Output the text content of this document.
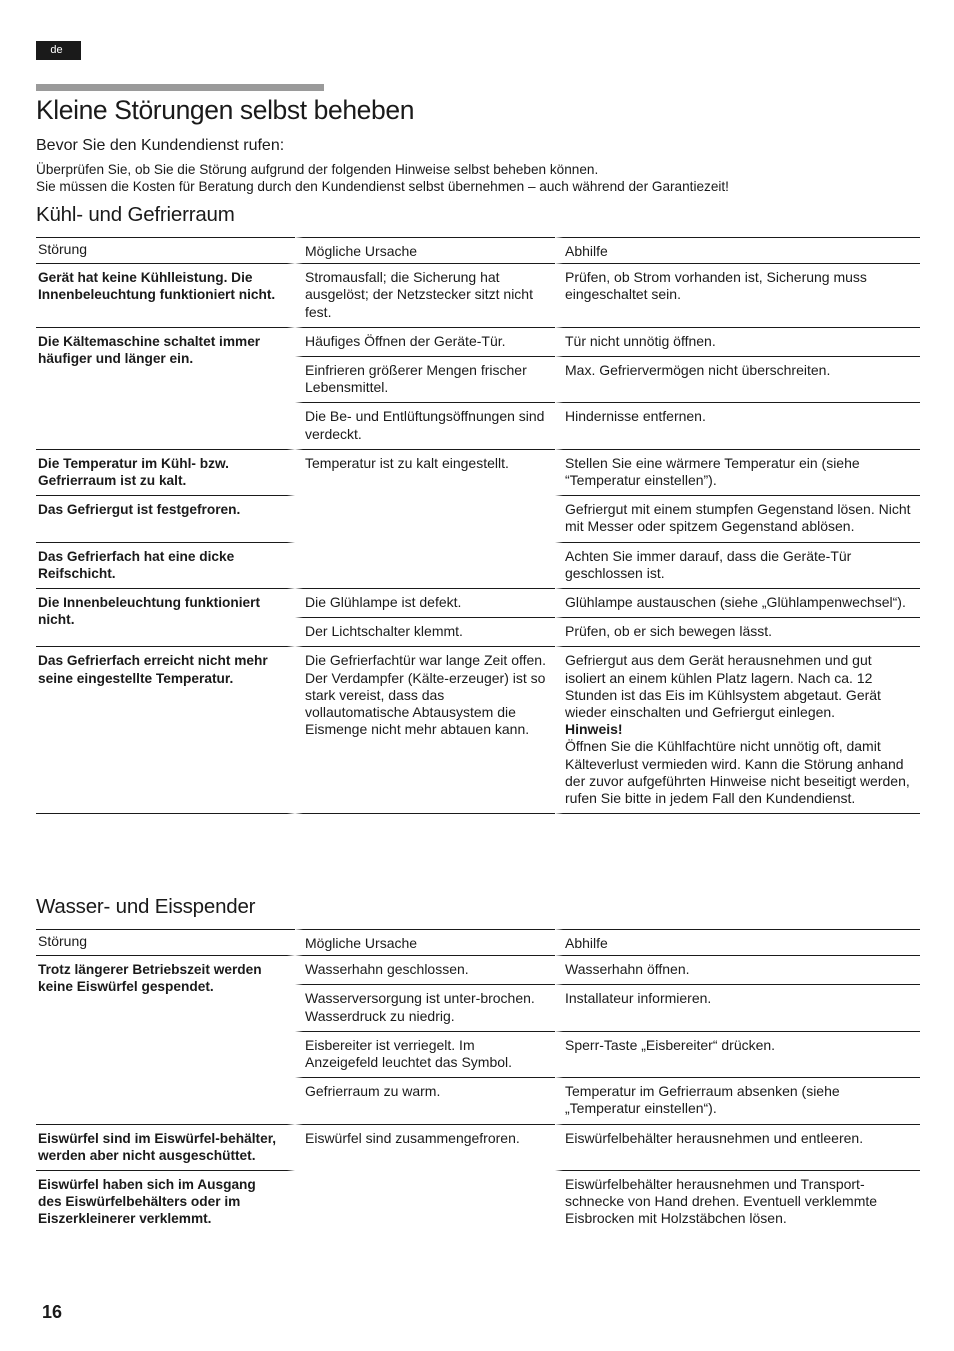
de
Kleine Störungen selbst beheben
Bevor Sie den Kundendienst rufen:

Überprüfen Sie, ob Sie die Störung aufgrund der folgenden Hinweise selbst beheben können.

Sie müssen die Kosten für Beratung durch den Kundendienst selbst übernehmen – auch während der Garantiezeit!

Kühl- und Gefrierraum
Störung	Mögliche Ursache	Abhilfe
Gerät hat keine Kühlleistung. Die Innenbeleuchtung funktioniert nicht.	Stromausfall; die Sicherung hat ausgelöst; der Netzstecker sitzt nicht fest.	Prüfen, ob Strom vorhanden ist, Sicherung muss eingeschaltet sein.
Die Kältemaschine schaltet immer häufiger und länger ein.	Häufiges Öffnen der Geräte-Tür.	Tür nicht unnötig öffnen.
	Einfrieren größerer Mengen frischer Lebensmittel.	Max. Gefriervermögen nicht überschreiten.
	Die Be- und Entlüftungsöffnungen sind verdeckt.	Hindernisse entfernen.
Die Temperatur im Kühl- bzw. Gefrierraum ist zu kalt.	Temperatur ist zu kalt eingestellt.	Stellen Sie eine wärmere Temperatur ein (siehe “Temperatur einstellen”).
Das Gefriergut ist festgefroren.		Gefriergut mit einem stumpfen Gegenstand lösen. Nicht mit Messer oder spitzem Gegenstand ablösen.
Das Gefrierfach hat eine dicke Reifschicht.		Achten Sie immer darauf, dass die Geräte-Tür geschlossen ist.
Die Innenbeleuchtung funktioniert nicht.	Die Glühlampe ist defekt.	Glühlampe austauschen (siehe „Glühlampenwechsel“).
	Der Lichtschalter klemmt.	Prüfen, ob er sich bewegen lässt.
Das Gefrierfach erreicht nicht mehr seine eingestellte Temperatur.	Die Gefrierfachtür war lange Zeit offen. Der Verdampfer (Kälte-erzeuger) ist so stark vereist, dass das vollautomatische Abtausystem die Eismenge nicht mehr abtauen kann.	Gefriergut aus dem Gerät herausnehmen und gut isoliert an einem kühlen Platz lagern. Nach ca. 12 Stunden ist das Eis im Kühlsystem abgetaut. Gerät wieder einschalten und Gefriergut einlegen.
Hinweis!
Öffnen Sie die Kühlfachtüre nicht unnötig oft, damit Kälteverlust vermieden wird. Kann die Störung anhand der zuvor aufgeführten Hinweise nicht beseitigt werden, rufen Sie bitte in jedem Fall den Kundendienst.
Wasser- und Eisspender
Störung	Mögliche Ursache	Abhilfe
Trotz längerer Betriebszeit werden keine Eiswürfel gespendet.	Wasserhahn geschlossen.	Wasserhahn öffnen.
	Wasserversorgung ist unter-brochen. Wasserdruck zu niedrig.	Installateur informieren.
	Eisbereiter ist verriegelt. Im Anzeigefeld leuchtet das Symbol.	Sperr-Taste „Eisbereiter“ drücken.
	Gefrierraum zu warm.	Temperatur im Gefrierraum absenken (siehe „Temperatur einstellen“).
Eiswürfel sind im Eiswürfel-behälter, werden aber nicht ausgeschüttet.	Eiswürfel sind zusammengefroren.	Eiswürfelbehälter herausnehmen und entleeren.
Eiswürfel haben sich im Ausgang des Eiswürfelbehälters oder im Eiszerkleinerer verklemmt.		Eiswürfelbehälter herausnehmen und Transport-schnecke von Hand drehen. Eventuell verklemmte Eisbrocken mit Holzstäbchen lösen.
16
